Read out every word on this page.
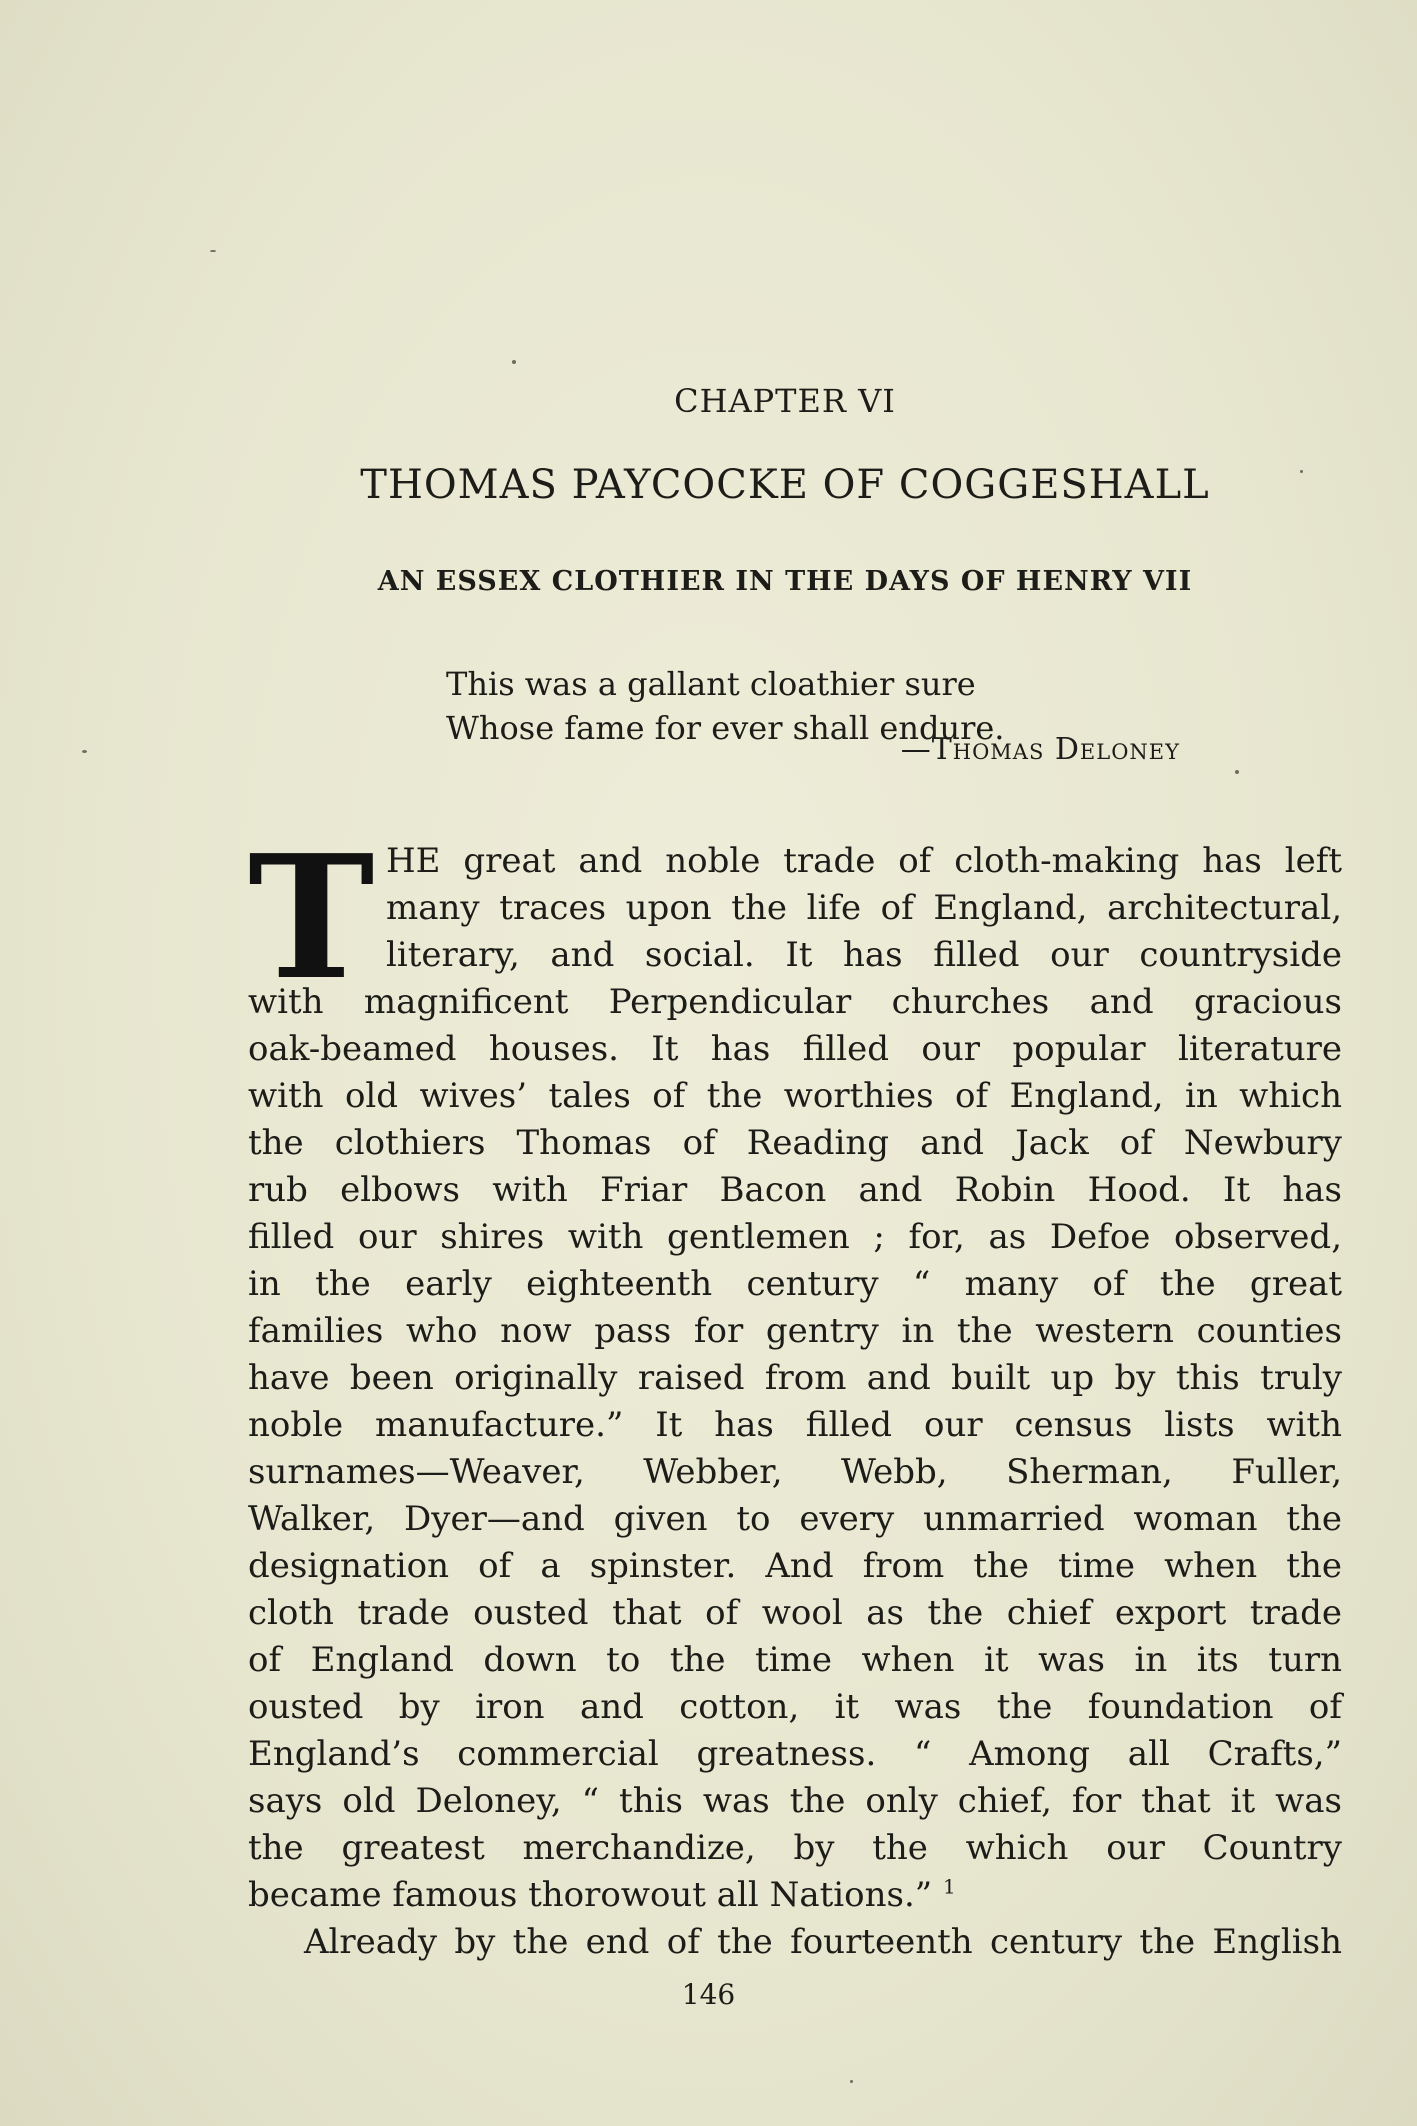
CHAPTER VI
THOMAS PAYCOCKE OF COGGESHALL
AN ESSEX CLOTHIER IN THE DAYS OF HENRY VII
This was a gallant cloathier sure
Whose fame for ever shall endure.
—Thomas Deloney
T HE great and noble trade of cloth-making has left
many traces upon the life of England, architectural,
literary, and social. It has filled our countryside
with magnificent Perpendicular churches and gracious
oak-beamed houses. It has filled our popular literature
with old wives’ tales of the worthies of England, in which
the clothiers Thomas of Reading and Jack of Newbury
rub elbows with Friar Bacon and Robin Hood. It has
filled our shires with gentlemen ; for, as Defoe observed,
in the early eighteenth century “ many of the great
families who now pass for gentry in the western counties
have been originally raised from and built up by this truly
noble manufacture.” It has filled our census lists with
surnames—Weaver, Webber, Webb, Sherman, Fuller,
Walker, Dyer—and given to every unmarried woman the
designation of a spinster. And from the time when the
cloth trade ousted that of wool as the chief export trade
of England down to the time when it was in its turn
ousted by iron and cotton, it was the foundation of
England’s commercial greatness. “ Among all Crafts,”
says old Deloney, “ this was the only chief, for that it was
the greatest merchandize, by the which our Country
became famous thorowout all Nations.” $^1$
Already by the end of the fourteenth century the English
146
